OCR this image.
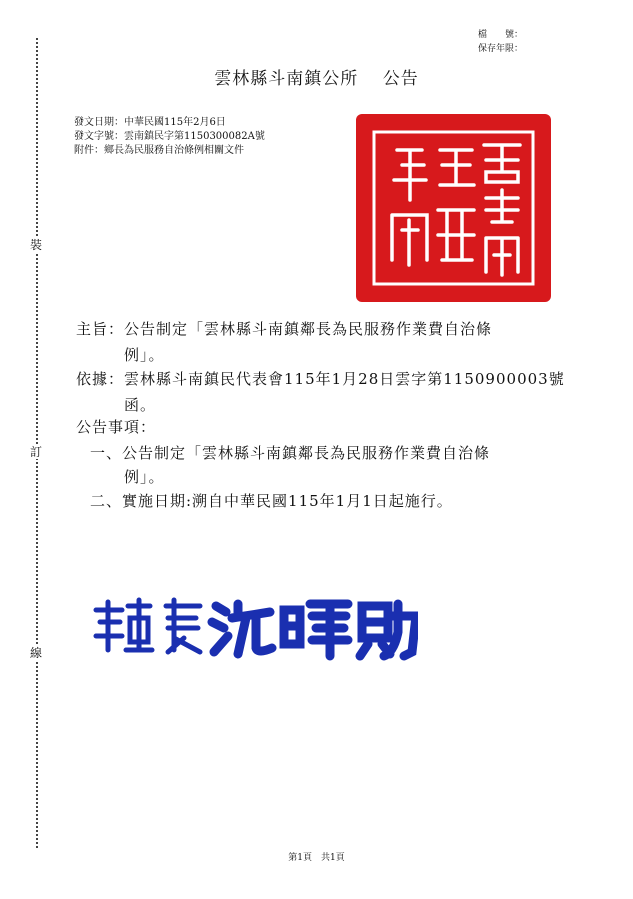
裝
訂
線
檔　　號：
保存年限：
雲林縣斗南鎮公所　 公告
發文日期：中華民國115年2月6日
發文字號：雲南鎮民字第1150300082A號
附件：鄉長為民服務自治條例相關文件
主旨：公告制定「雲林縣斗南鎮鄰長為民服務作業費自治條
例」。
依據：雲林縣斗南鎮民代表會115年1月28日雲字第1150900003號
函。
公告事項：
一、公告制定「雲林縣斗南鎮鄰長為民服務作業費自治條
例」。
二、實施日期:溯自中華民國115年1月1日起施行。
第1頁　共1頁
